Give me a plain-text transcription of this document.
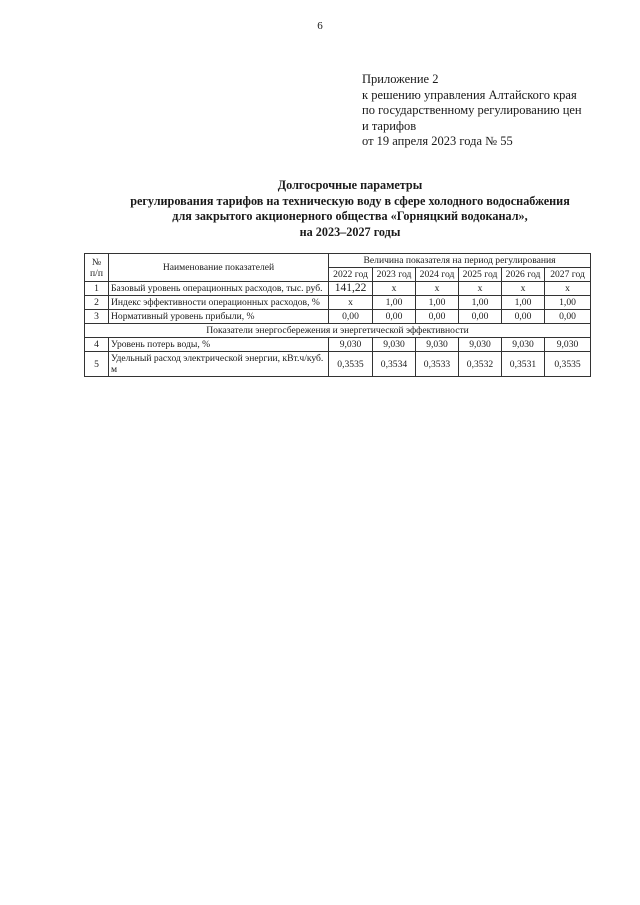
6
Приложение 2
к решению управления Алтайского края
по государственному регулированию цен
и тарифов
от 19 апреля 2023 года № 55
Долгосрочные параметры
регулирования тарифов на техническую воду в сфере холодного водоснабжения
для закрытого акционерного общества «Горняцкий водоканал»,
на 2023–2027 годы
№ п/п	Наименование показателей	Величина показателя на период регулирования					
		2022 год	2023 год	2024 год	2025 год	2026 год	2027 год
1	Базовый уровень операционных расходов, тыс. руб.	141,22	х	х	х	х	х
2	Индекс эффективности операционных расходов, %	х	1,00	1,00	1,00	1,00	1,00
3	Нормативный уровень прибыли, %	0,00	0,00	0,00	0,00	0,00	0,00
Показатели энергосбережения и энергетической эффективности							
4	Уровень потерь воды, %	9,030	9,030	9,030	9,030	9,030	9,030
5	Удельный расход электрической энергии, кВт.ч/куб. м	0,3535	0,3534	0,3533	0,3532	0,3531	0,3535
